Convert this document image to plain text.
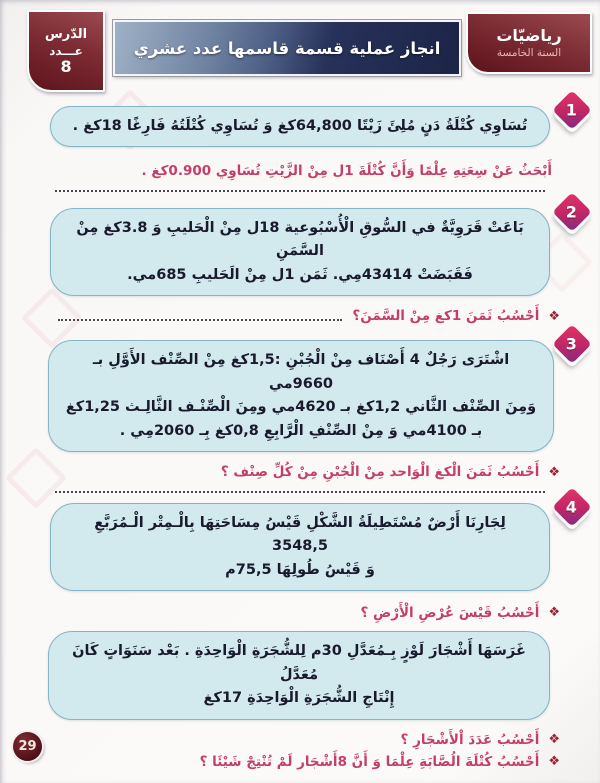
الدّرس
عـــدد
8
انجاز عملية قسمة قاسمها عدد عشري
رياضيّات
السنة الخامسة
1

تُسَاوِي كُتْلَةُ دَنٍ مُلِئَ زَيْتًا 64,800كغ وَ تُسَاوِي كُتْلَتُهُ فَارِغًا 18كغ .

أَبْحَثُ عَنْ سِعَتِهِ عِلْمًا وَأَنَّ كُتْلَةَ 1ل مِنْ الزَّيْتِ تُسَاوِي 0.900كغ .
2

بَاعَتْ قَرَوِيَّةٌ في السُّوقِ الْأُسْبُوعية 18ل مِنْ الْحَليبِ وَ 3.8كغ مِنْ السَّمَنِ

فَقَبَضَتْ 43414مِي. ثَمَن 1ل مِنْ الَحَليبِ 685مي.

❖
أَحْسُبُ ثَمَنَ 1كغ مِنْ السَّمَنَ؟
3

اشْتَرَى رَجُلٌ 4 أَصْنَاف مِنْ الْجُبْنِ :1,5كغ مِنْ الصِّنْف الأَوَّلِ بـ 9660مي

وَمِنَ الصِّنْف الثَّاني 1,2كغ بـ 4620مي ومِنَ الْصِّنْـف الثَّالِـث 1,25كغ

بـ 4100مي وَ مِنْ الصِّنْفِ الْرَّابِعِ 0,8كغ بِـ 2060مِي .

❖
أَحْسُبُ ثَمَنَ الْكغ الْوَاحد مِنْ الْجُبْنِ مِنْ كُلِّ صِنْف ؟
4

لِجَارِنَا أَرْضٌ مُسْتَطِيلَةُ الشَّكْلِ قَيْسُ مِسَاحَتِهَا بِالْـمِتْر الْـمُرَبَّعِ 3548,5

وَ قَيْسُ طُولِهَا 75,5م

❖
أَحْسُبُ قَيْسَ عُرْضِ الْأَرْضِ ؟

غَرَسَهَا أَشْجَارَ لَوْزٍ بِـمُعَدَّلِ 30م لِلشُّجَرَةِ الْوَاحِدَةِ . بَعْد سَنَوَاتٍ كَانَ مُعَدَّلُ

إِنْتَاجِ الشُّجَرَةِ الْوَاحِدَةِ 17كغ

❖
أَحْسُبُ عَدَدَ اْلأَشْجَارِ ؟
❖
أَحْسُبُ كُتْلَةَ الُصَّابَةِ عِلْمَا وَ أَنَّ 8أَشْجَار لَمْ تُنْتِجْ شَيْئَا ؟
29
